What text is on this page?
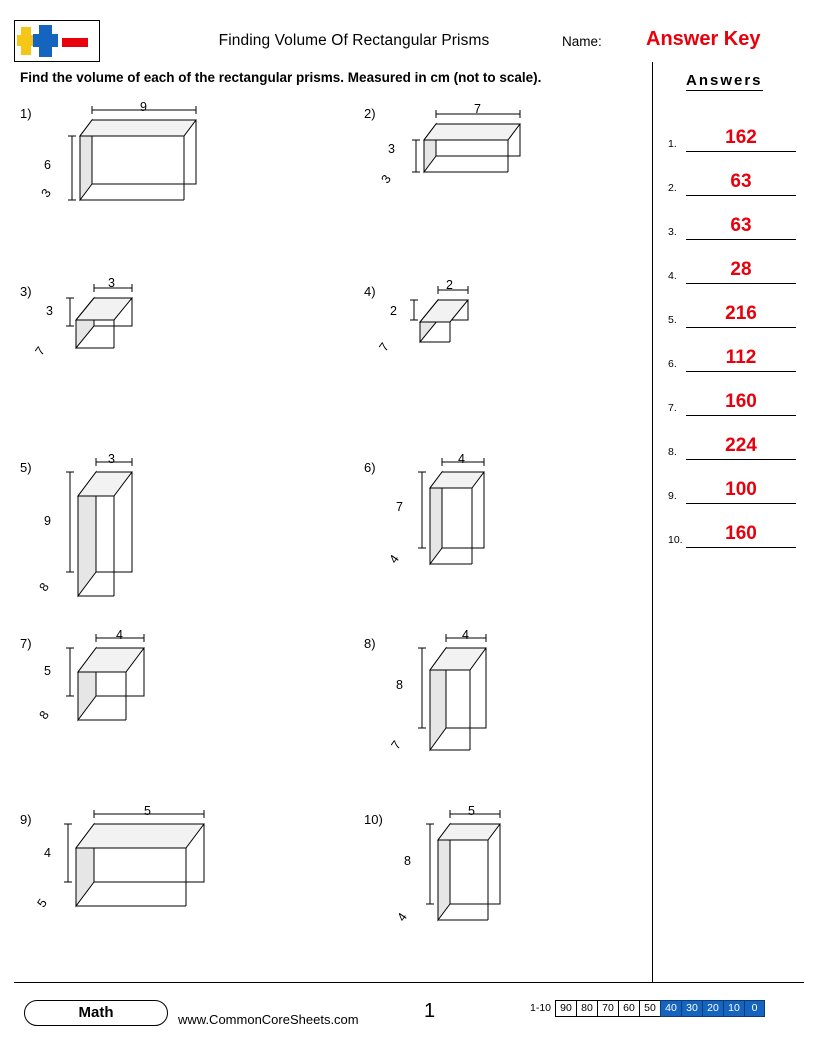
Finding Volume Of Rectangular Prisms	Name: Answer Key
Find the volume of each of the rectangular prisms. Measured in cm (not to scale).	Answers
1.	162
2.	63
3.	63
4.	28
5.	216
6.	112
7.	160
8.	224
9.	100
10.	160
1)	9
6
3
2)	7
3
3
3)
3
3
7
4)	2
2
7
5)
3
9
8
6)
4
7
4
7)
4
5
8
8)
4
8
7
9)
5
4
5
10)
5
8
4
Math	www.CommonCoreSheets.com	1	1-10 90 80 70 60 50 40 30 20 10	0
